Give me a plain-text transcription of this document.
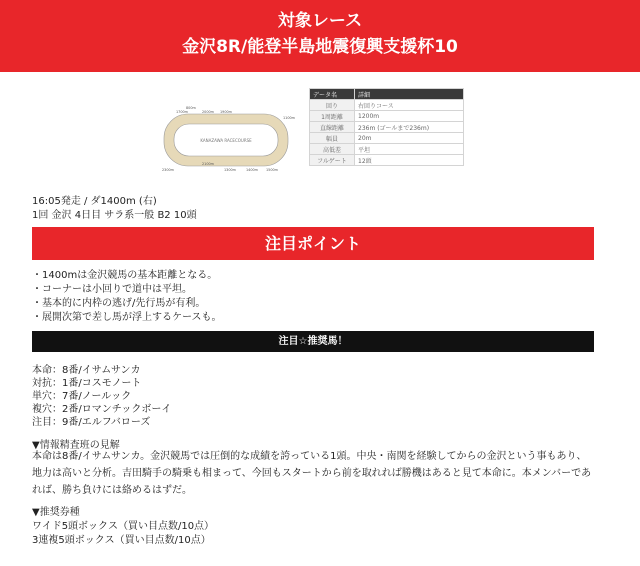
対象レース
金沢8R/能登半島地震復興支援杯10
KANAZAWA RACECOURSE
800m
1700m	2000m 1900m
1100m
2100m
1300m	1400m 1500m
2300m
データ名	詳細
回り	右回りコース
1周距離	1200m
直線距離	236m (ゴールまで236m)
幅員	20m
高低差	平坦
フルゲート	12頭
16:05発走 / ダ1400m (右)
1回 金沢 4日目 サラ系一般 B2 10頭
注目ポイント
・1400mは金沢競馬の基本距離となる。
・コーナーは小回りで道中は平坦。
・基本的に内枠の逃げ/先行馬が有利。
・展開次第で差し馬が浮上するケースも。
注目☆推奨馬！
本命：8番/イサムサンカ
対抗：1番/コスモノート
単穴：7番/ノールック
複穴：2番/ロマンチックボーイ
注目：9番/エルフバローズ
▼情報精査班の見解
本命は8番/イサムサンカ。金沢競馬では圧倒的な成績を誇っている1頭。中央・南関を経験してからの金沢という事もあり、地力は高いと分析。吉田騎手の騎乗も相まって、今回もスタートから前を取れれば勝機はあると見て本命に。本メンバーであれば、勝ち負けには絡めるはずだ。
▼推奨券種
ワイド5頭ボックス（買い目点数/10点）
3連複5頭ボックス（買い目点数/10点）
